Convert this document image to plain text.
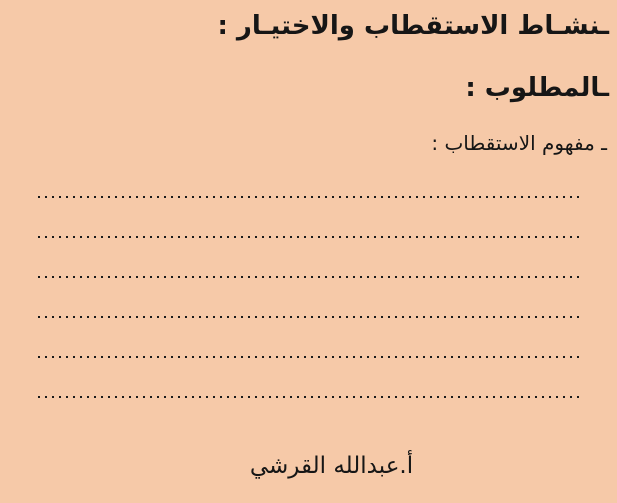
ـنشـاط الاستقطاب والاختيـار :
ـالمطلوب :
ـ مفهوم الاستقطاب :
أ.عبدالله القرشي
